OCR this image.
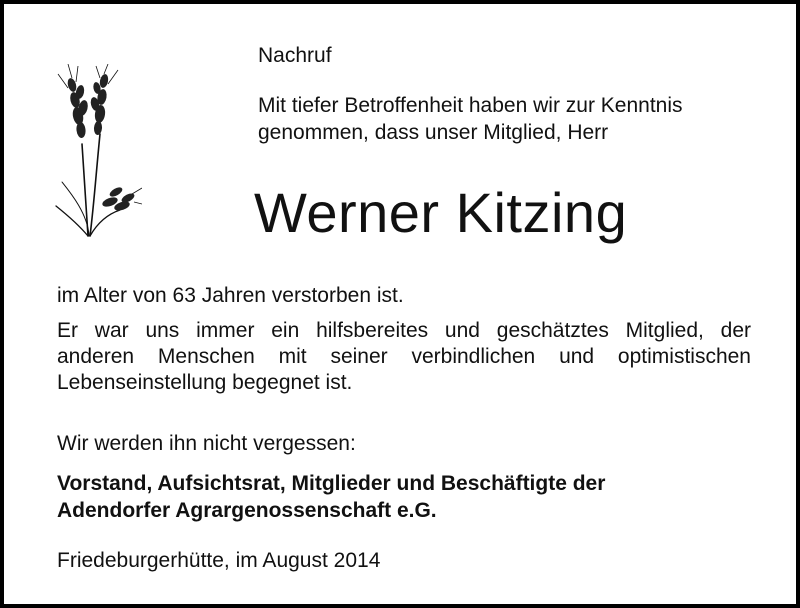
Nachruf

Mit tiefer Betroffenheit haben wir zur Kenntnis
genommen, dass unser Mitglied, Herr
Werner Kitzing

im Alter von 63 Jahren verstorben ist.

Er war uns immer ein hilfsbereites und geschätztes Mitglied, der
anderen Menschen mit seiner verbindlichen und optimistischen
Lebenseinstellung begegnet ist.

Wir werden ihn nicht vergessen:

Vorstand, Aufsichtsrat, Mitglieder und Beschäftigte der
Adendorfer Agrargenossenschaft e.G.

Friedeburgerhütte, im August 2014
